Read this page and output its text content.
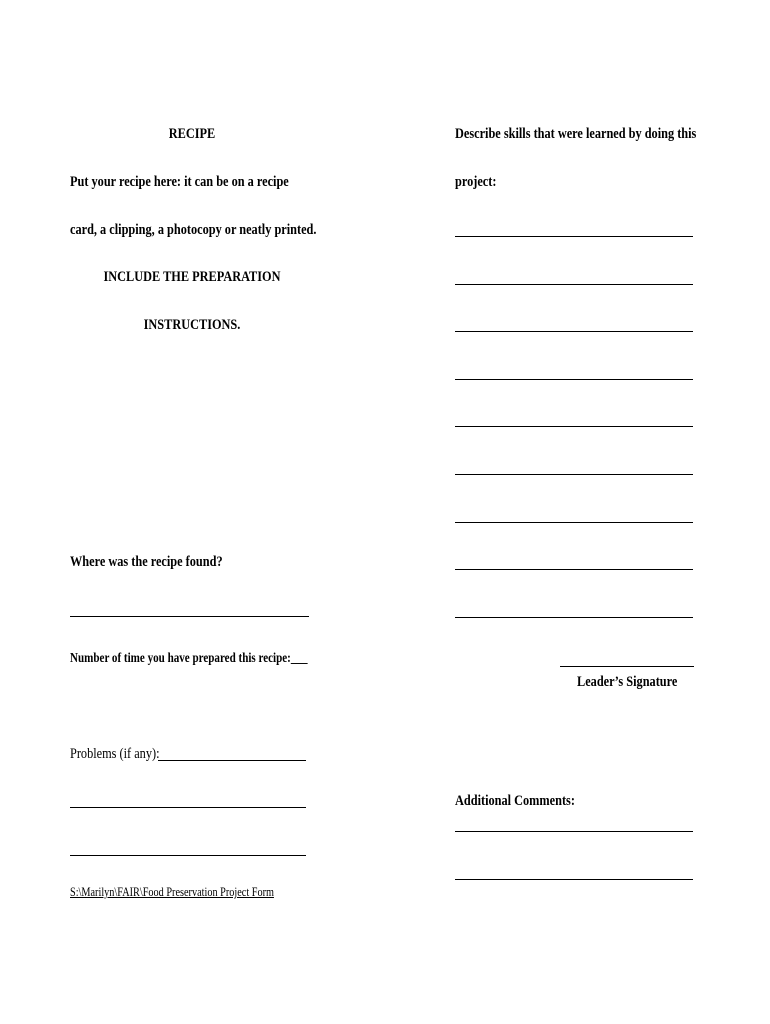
RECIPE
Put your recipe here: it can be on a recipe
card, a clipping, a photocopy or neatly printed.
INCLUDE THE PREPARATION
INSTRUCTIONS.
Where was the recipe found?
Number of time you have prepared this recipe:___
Problems (if any):
S:\Marilyn\FAIR\Food Preservation Project Form
Describe skills that were learned by doing this
project:
Leader’s Signature
Additional Comments:
